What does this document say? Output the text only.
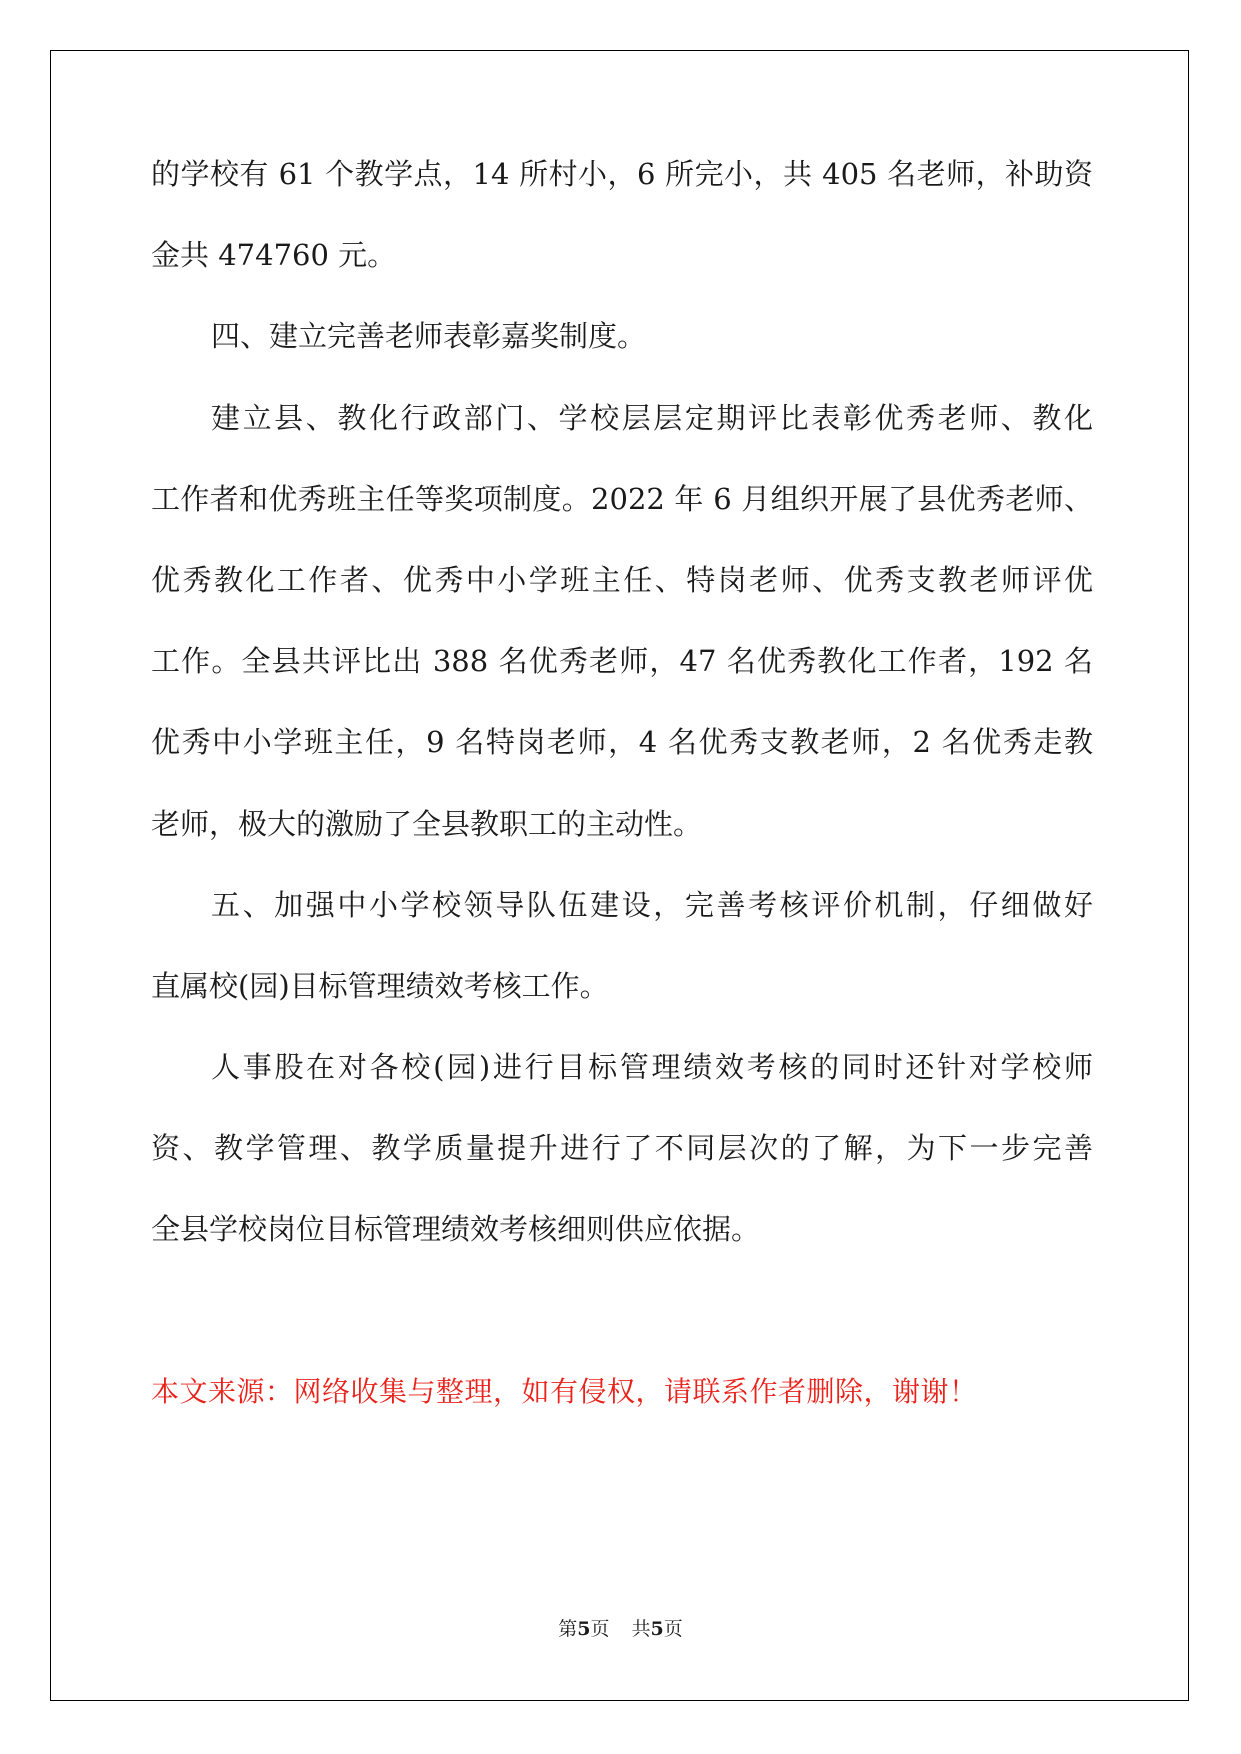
的学校有 61 个教学点，14 所村小，6 所完小，共 405 名老师，补助资

金共 474760 元。

四、建立完善老师表彰嘉奖制度。

建立县、教化行政部门、学校层层定期评比表彰优秀老师、教化

工作者和优秀班主任等奖项制度。2022 年 6 月组织开展了县优秀老师、

优秀教化工作者、优秀中小学班主任、特岗老师、优秀支教老师评优

工作。全县共评比出 388 名优秀老师，47 名优秀教化工作者，192 名

优秀中小学班主任，9 名特岗老师，4 名优秀支教老师，2 名优秀走教

老师，极大的激励了全县教职工的主动性。

五、加强中小学校领导队伍建设，完善考核评价机制，仔细做好

直属校(园)目标管理绩效考核工作。

人事股在对各校(园)进行目标管理绩效考核的同时还针对学校师

资、教学管理、教学质量提升进行了不同层次的了解，为下一步完善

全县学校岗位目标管理绩效考核细则供应依据。

本文来源：网络收集与整理，如有侵权，请联系作者删除，谢谢！
第5页 共5页
